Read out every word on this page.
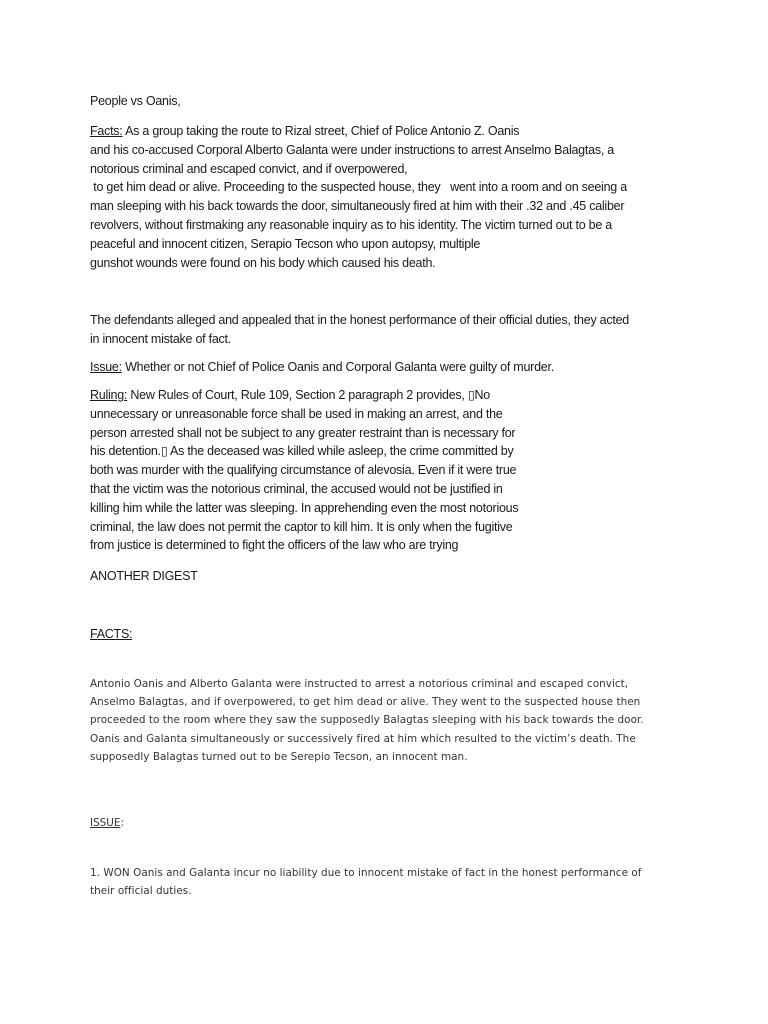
People vs Oanis,
Facts: As a group taking the route to Rizal street, Chief of Police Antonio Z. Oanis
and his co-accused Corporal Alberto Galanta were under instructions to arrest Anselmo Balagtas, a
notorious criminal and escaped convict, and if overpowered,
to get him dead or alive. Proceeding to the suspected house, they   went into a room and on seeing a
man sleeping with his back towards the door, simultaneously fired at him with their .32 and .45 caliber
revolvers, without firstmaking any reasonable inquiry as to his identity. The victim turned out to be a
peaceful and innocent citizen, Serapio Tecson who upon autopsy, multiple
gunshot wounds were found on his body which caused his death.
The defendants alleged and appealed that in the honest performance of their official duties, they acted
in innocent mistake of fact.
Issue: Whether or not Chief of Police Oanis and Corporal Galanta were guilty of murder.
Ruling: New Rules of Court, Rule 109, Section 2 paragraph 2 provides, ▯No
unnecessary or unreasonable force shall be used in making an arrest, and the
person arrested shall not be subject to any greater restraint than is necessary for
his detention.▯ As the deceased was killed while asleep, the crime committed by
both was murder with the qualifying circumstance of alevosia. Even if it were true
that the victim was the notorious criminal, the accused would not be justified in
killing him while the latter was sleeping. In apprehending even the most notorious
criminal, the law does not permit the captor to kill him. It is only when the fugitive
from justice is determined to fight the officers of the law who are trying
ANOTHER DIGEST
FACTS:
Antonio Oanis and Alberto Galanta were instructed to arrest a notorious criminal and escaped convict,
Anselmo Balagtas, and if overpowered, to get him dead or alive. They went to the suspected house then
proceeded to the room where they saw the supposedly Balagtas sleeping with his back towards the door.
Oanis and Galanta simultaneously or successively fired at him which resulted to the victim’s death. The
supposedly Balagtas turned out to be Serepio Tecson, an innocent man.
ISSUE:
1. WON Oanis and Galanta incur no liability due to innocent mistake of fact in the honest performance of
their official duties.
